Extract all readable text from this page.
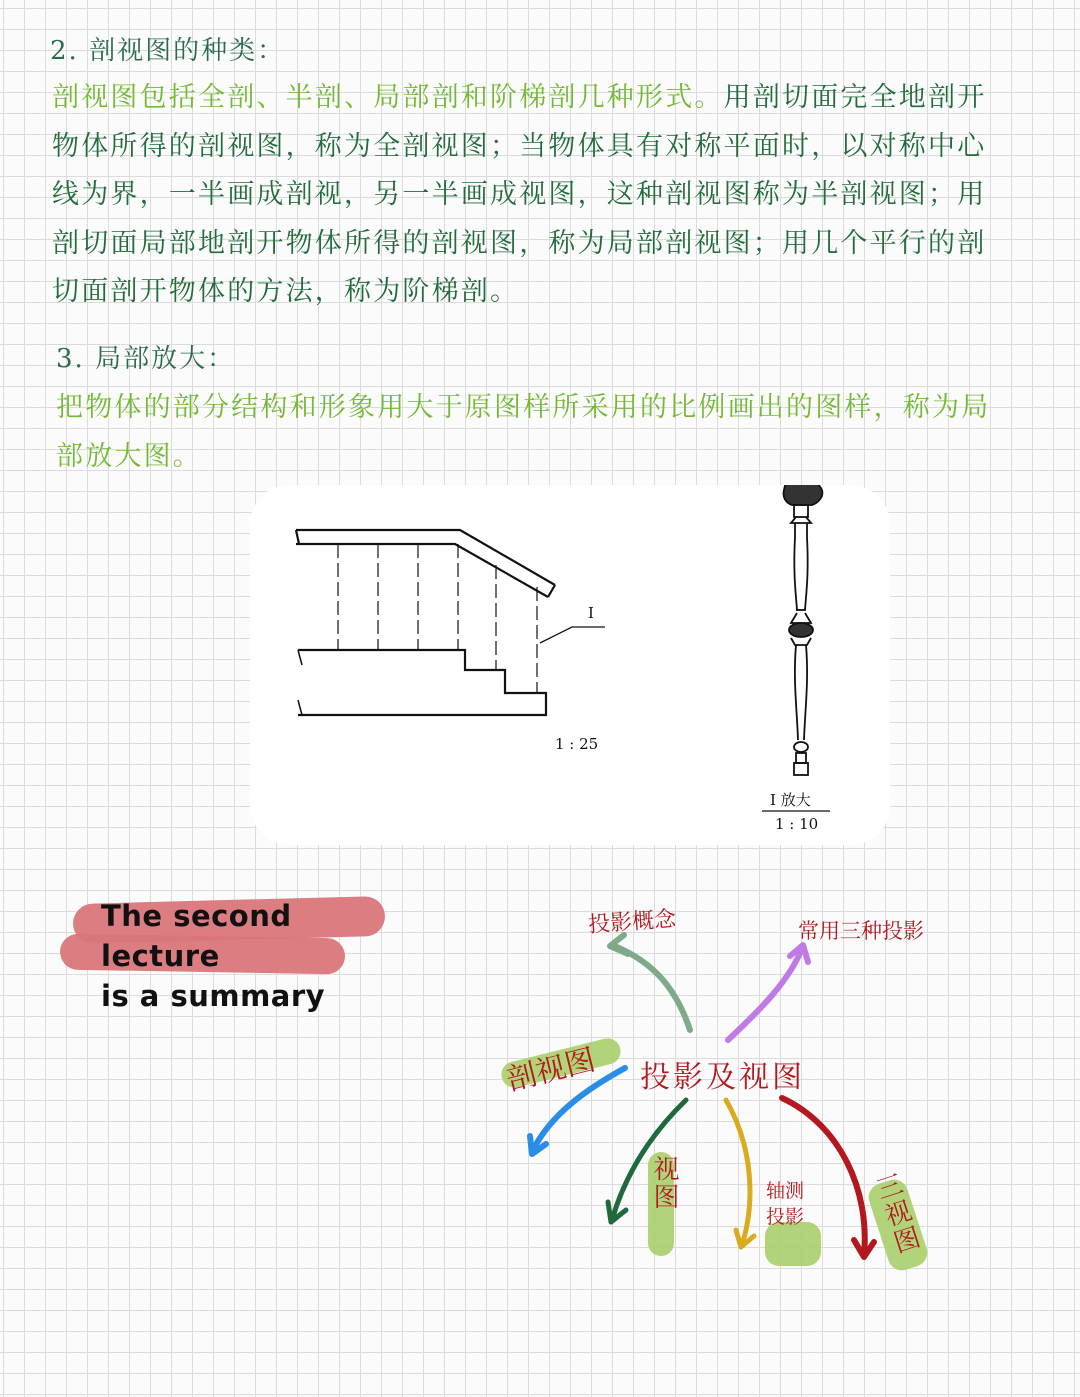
2. 剖视图的种类：
剖视图包括全剖、半剖、局部剖和阶梯剖几种形式。用剖切面完全地剖开物体所得的剖视图，称为全剖视图；当物体具有对称平面时，以对称中心线为界，一半画成剖视，另一半画成视图，这种剖视图称为半剖视图；用剖切面局部地剖开物体所得的剖视图，称为局部剖视图；用几个平行的剖切面剖开物体的方法，称为阶梯剖。
3. 局部放大：
把物体的部分结构和形象用大于原图样所采用的比例画出的图样，称为局部放大图。
I
1 : 25
I 放大
1 : 10
The second lecture
is a summary
投影概念	常用三种投影
投影及视图
剖视图
视图	轴测投影	三视图
